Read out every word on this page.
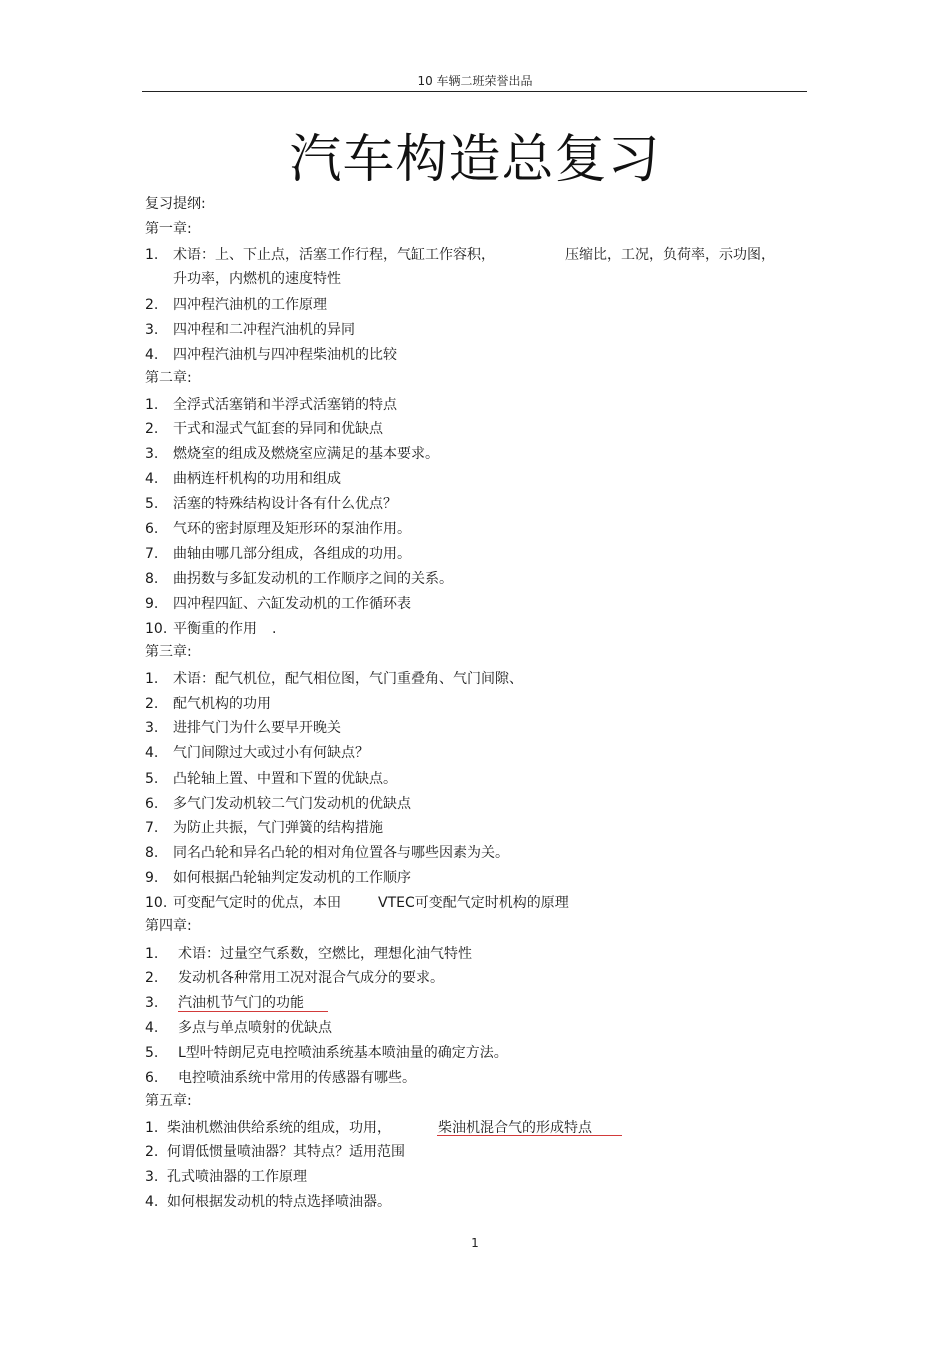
10 车辆二班荣誉出品
汽车构造总复习
复习提纲:
第一章:
1. 术语：上、下止点，活塞工作行程，气缸工作容积，	压缩比，工况，负荷率，示功图，
升功率，内燃机的速度特性
2. 四冲程汽油机的工作原理
3. 四冲程和二冲程汽油机的异同
4. 四冲程汽油机与四冲程柴油机的比较
第二章:
1. 全浮式活塞销和半浮式活塞销的特点
2. 干式和湿式气缸套的异同和优缺点
3. 燃烧室的组成及燃烧室应满足的基本要求。
4. 曲柄连杆机构的功用和组成
5. 活塞的特殊结构设计各有什么优点？
6. 气环的密封原理及矩形环的泵油作用。
7. 曲轴由哪几部分组成，各组成的功用。
8. 曲拐数与多缸发动机的工作顺序之间的关系。
9. 四冲程四缸、六缸发动机的工作循环表
10. 平衡重的作用 .
第三章:
1. 术语：配气机位，配气相位图，气门重叠角、气门间隙、
2. 配气机构的功用
3. 进排气门为什么要早开晚关
4. 气门间隙过大或过小有何缺点？
5. 凸轮轴上置、中置和下置的优缺点。
6. 多气门发动机较二气门发动机的优缺点
7. 为防止共振，气门弹簧的结构措施
8. 同名凸轮和异名凸轮的相对角位置各与哪些因素为关。
9. 如何根据凸轮轴判定发动机的工作顺序
10. 可变配气定时的优点，本田	VTEC可变配气定时机构的原理
第四章:
1. 术语：过量空气系数，空燃比，理想化油气特性
2. 发动机各种常用工况对混合气成分的要求。
3. 汽油机节气门的功能
4. 多点与单点喷射的优缺点
5. L型叶特朗尼克电控喷油系统基本喷油量的确定方法。
6. 电控喷油系统中常用的传感器有哪些。
第五章:
1. 柴油机燃油供给系统的组成，功用，	柴油机混合气的形成特点
2. 何谓低惯量喷油器？其特点？适用范围
3. 孔式喷油器的工作原理
4. 如何根据发动机的特点选择喷油器。
1
